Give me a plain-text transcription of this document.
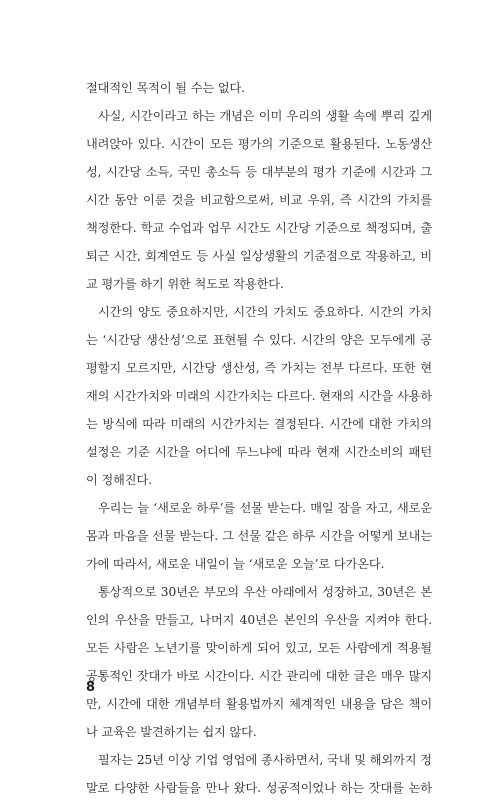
절대적인 목적이 될 수는 없다.
사실, 시간이라고 하는 개념은 이미 우리의 생활 속에 뿌리 깊게
내려앉아 있다. 시간이 모든 평가의 기준으로 활용된다. 노동생산
성, 시간당 소득, 국민 총소득 등 대부분의 평가 기준에 시간과 그
시간 동안 이룬 것을 비교함으로써, 비교 우위, 즉 시간의 가치를
책정한다. 학교 수업과 업무 시간도 시간당 기준으로 책정되며, 출
퇴근 시간, 회계연도 등 사실 일상생활의 기준점으로 작용하고, 비
교 평가를 하기 위한 척도로 작용한다.
시간의 양도 중요하지만, 시간의 가치도 중요하다. 시간의 가치
는 ‘시간당 생산성’으로 표현될 수 있다. 시간의 양은 모두에게 공
평할지 모르지만, 시간당 생산성, 즉 가치는 전부 다르다. 또한 현
재의 시간가치와 미래의 시간가치는 다르다. 현재의 시간을 사용하
는 방식에 따라 미래의 시간가치는 결정된다. 시간에 대한 가치의
설정은 기준 시간을 어디에 두느냐에 따라 현재 시간소비의 패턴
이 정해진다.
우리는 늘 ‘새로운 하루’를 선물 받는다. 매일 잠을 자고, 새로운
몸과 마음을 선물 받는다. 그 선물 같은 하루 시간을 어떻게 보내는
가에 따라서, 새로운 내일이 늘 ‘새로운 오늘’로 다가온다.
통상적으로 30년은 부모의 우산 아래에서 성장하고, 30년은 본
인의 우산을 만들고, 나머지 40년은 본인의 우산을 지켜야 한다.
모든 사람은 노년기를 맞이하게 되어 있고, 모든 사람에게 적용될
공통적인 잣대가 바로 시간이다. 시간 관리에 대한 글은 매우 많지
만, 시간에 대한 개념부터 활용법까지 체계적인 내용을 담은 책이
나 교육은 발견하기는 쉽지 않다.
필자는 25년 이상 기업 영업에 종사하면서, 국내 및 해외까지 정
말로 다양한 사람들을 만나 왔다. 성공적이었나 하는 잣대를 논하
8
